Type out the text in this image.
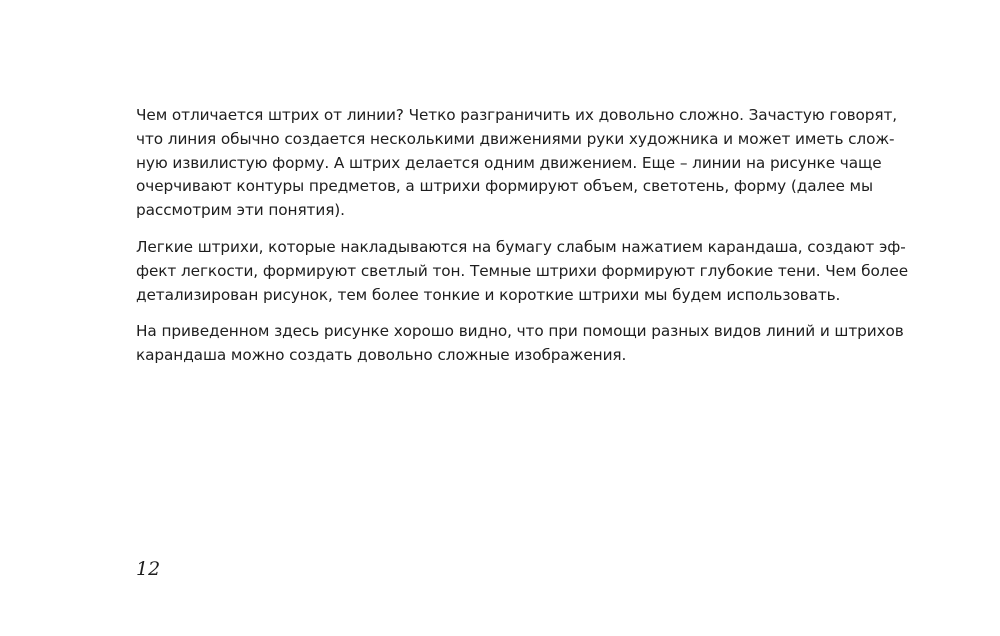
Чем отличается штрих от линии? Четко разграничить их довольно сложно. Зачастую говорят,
что линия обычно создается несколькими движениями руки художника и может иметь слож-
ную извилистую форму. А штрих делается одним движением. Еще – линии на рисунке чаще
очерчивают контуры предметов, а штрихи формируют объем, светотень, форму (далее мы
рассмотрим эти понятия).

Легкие штрихи, которые накладываются на бумагу слабым нажатием карандаша, создают эф-
фект легкости, формируют светлый тон. Темные штрихи формируют глубокие тени. Чем более
детализирован рисунок, тем более тонкие и короткие штрихи мы будем использовать.

На приведенном здесь рисунке хорошо видно, что при помощи разных видов линий и штрихов
карандаша можно создать довольно сложные изображения.

12
